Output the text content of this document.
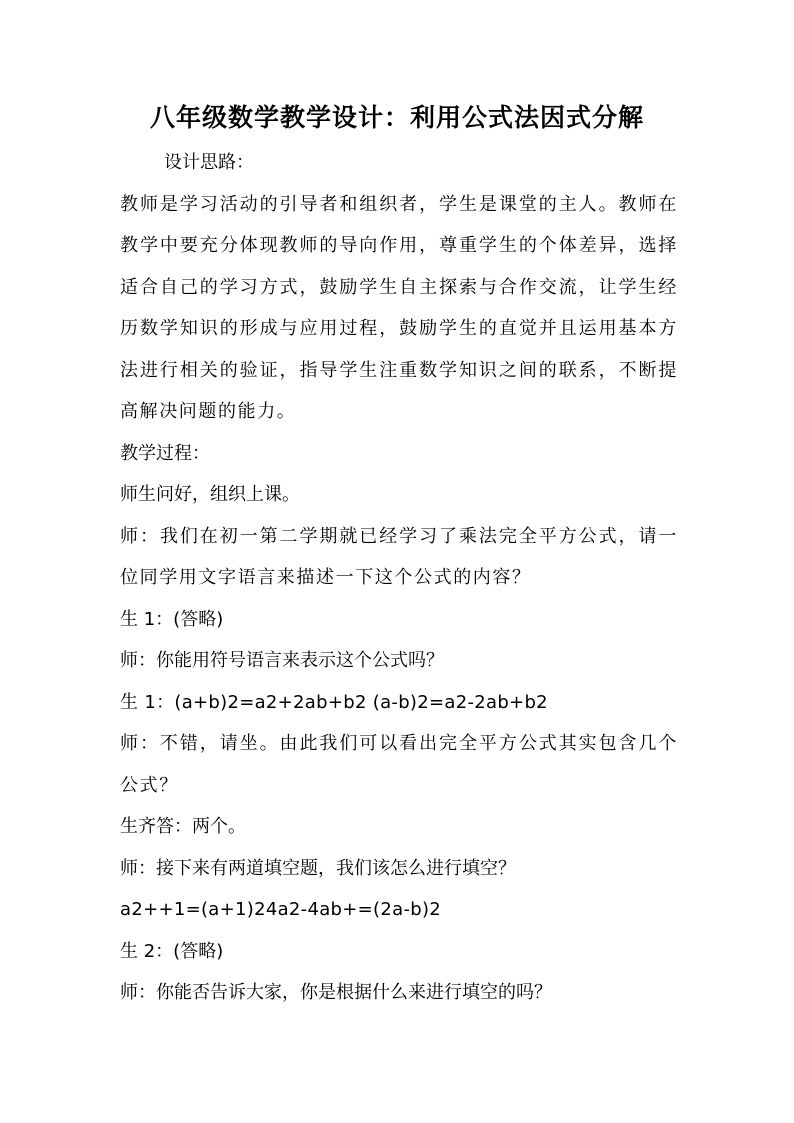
八年级数学教学设计：利用公式法因式分解
设计思路：
教师是学习活动的引导者和组织者，学生是课堂的主人。教师在教学中要充分体现教师的导向作用，尊重学生的个体差异，选择适合自己的学习方式，鼓励学生自主探索与合作交流，让学生经历数学知识的形成与应用过程，鼓励学生的直觉并且运用基本方法进行相关的验证，指导学生注重数学知识之间的联系，不断提高解决问题的能力。
教学过程：
师生问好，组织上课。
师：我们在初一第二学期就已经学习了乘法完全平方公式，请一位同学用文字语言来描述一下这个公式的内容？
生 1：(答略)
师：你能用符号语言来表示这个公式吗？
生 1：(a+b)2=a2+2ab+b2 (a-b)2=a2-2ab+b2
师：不错，请坐。由此我们可以看出完全平方公式其实包含几个公式？
生齐答：两个。
师：接下来有两道填空题，我们该怎么进行填空？
a2++1=(a+1)24a2-4ab+=(2a-b)2
生 2：(答略)
师：你能否告诉大家，你是根据什么来进行填空的吗？
